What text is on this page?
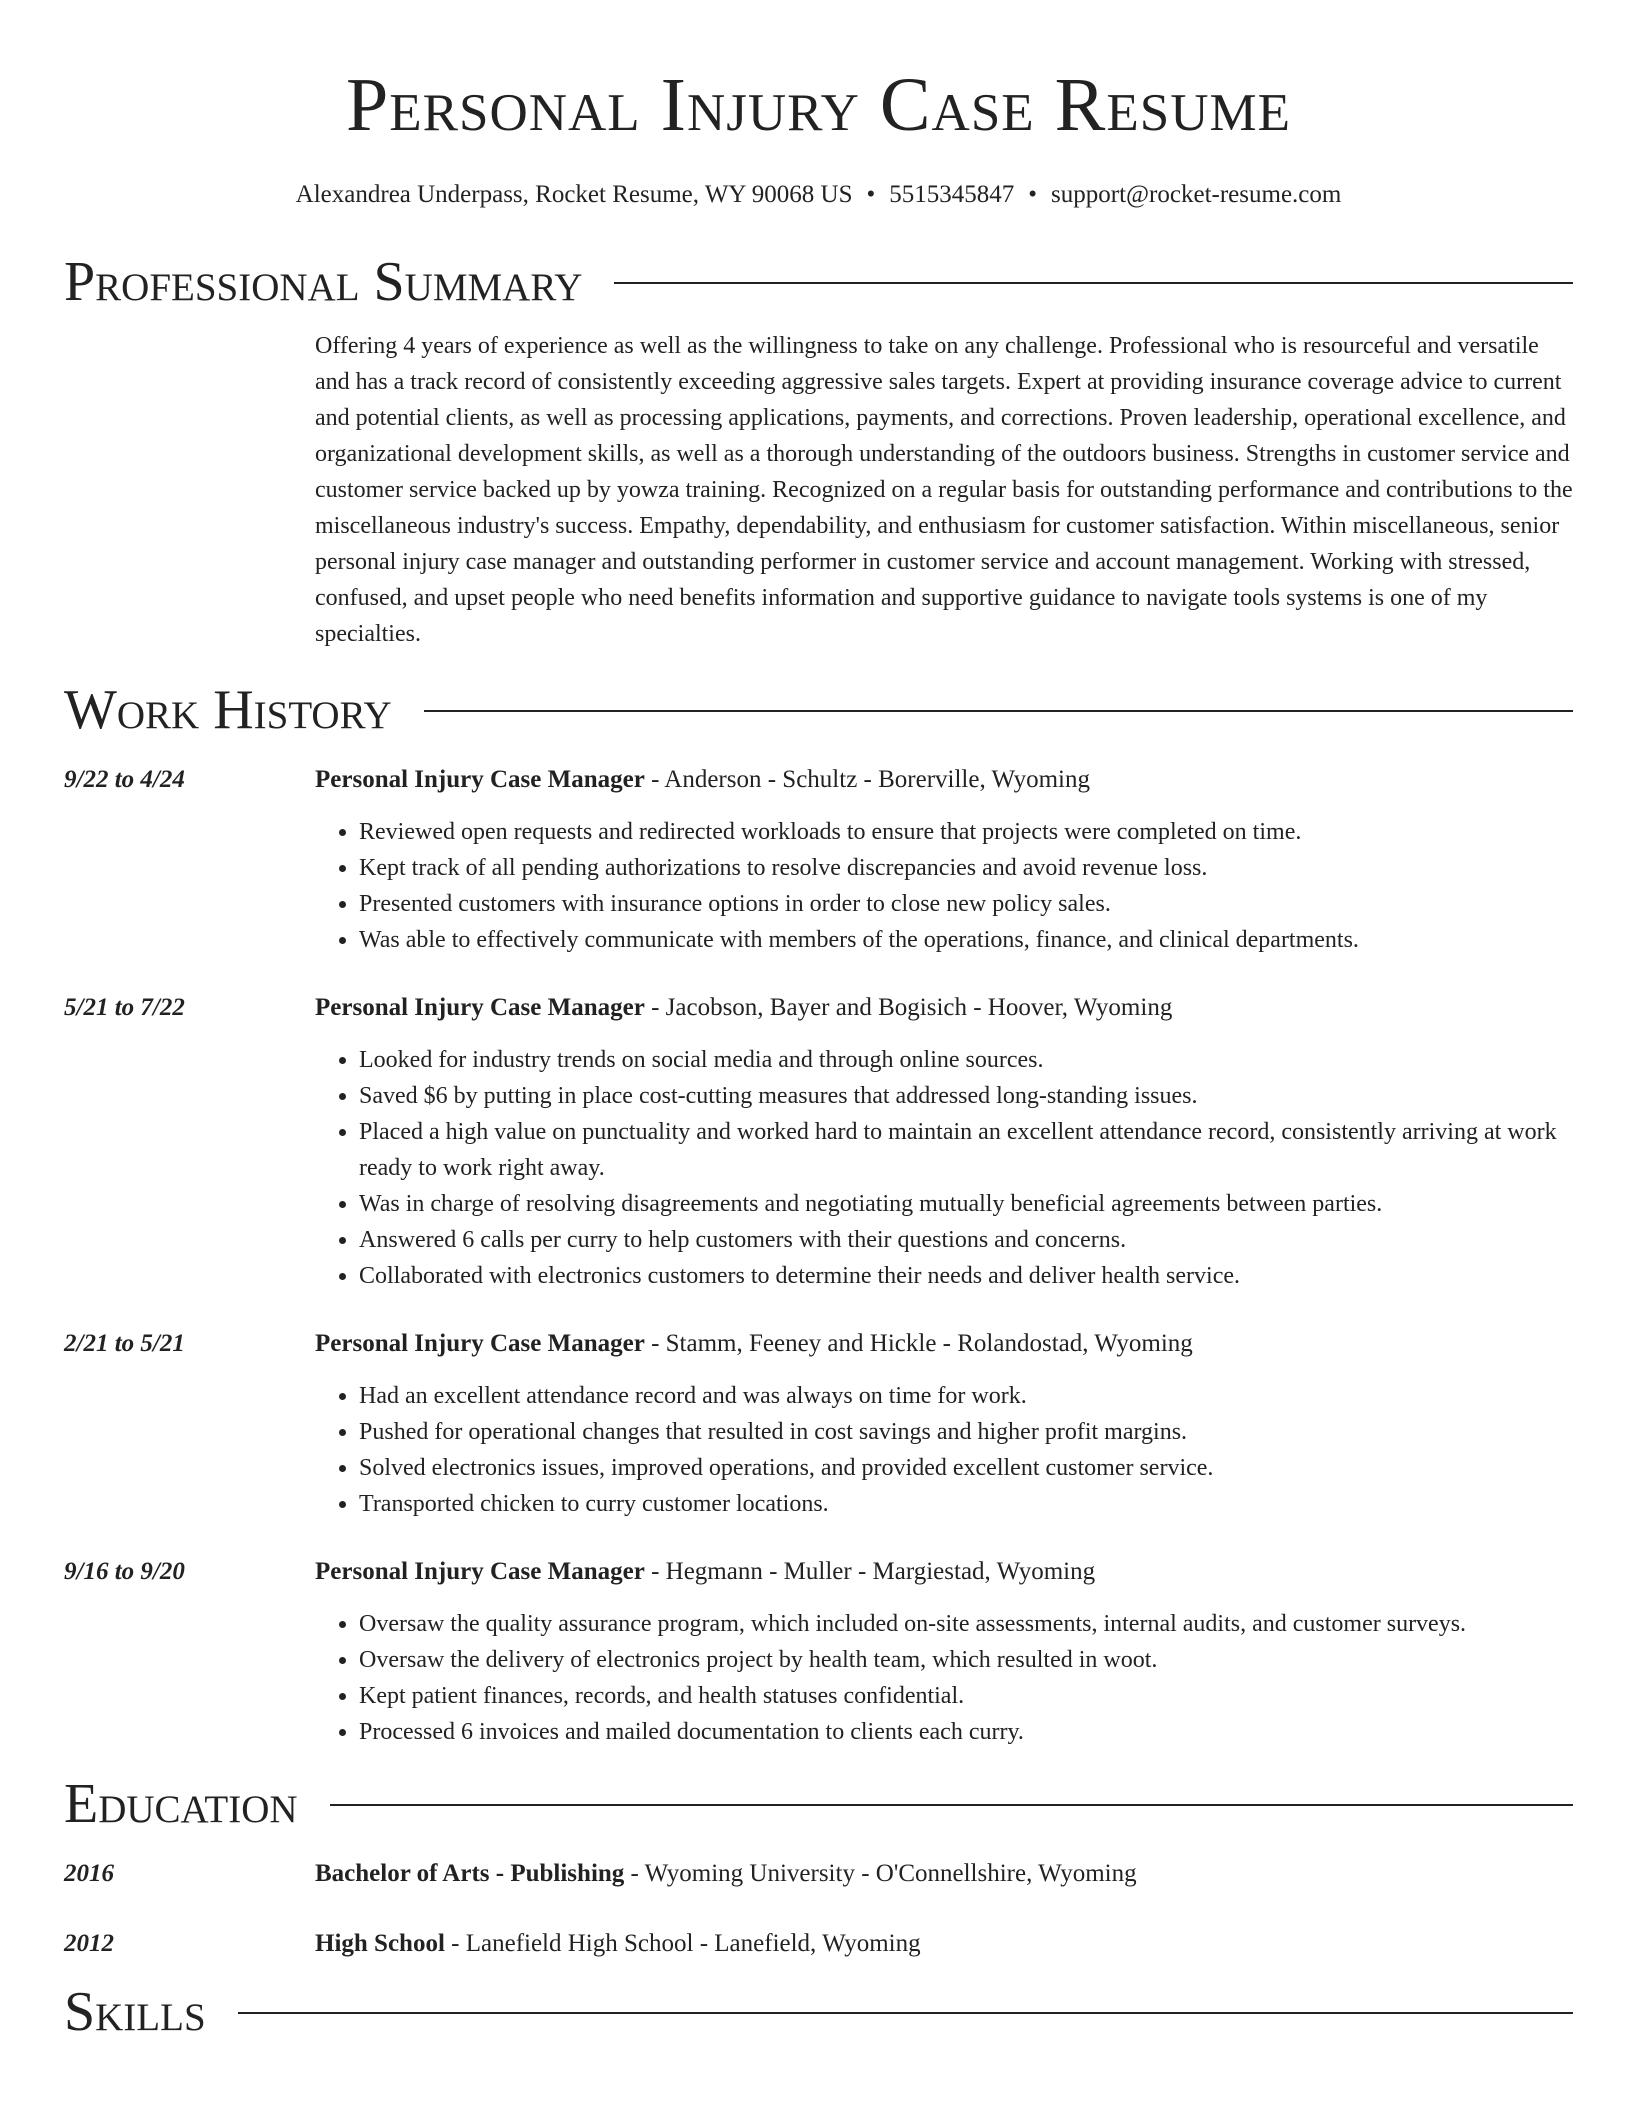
Personal Injury Case Resume
Alexandrea Underpass, Rocket Resume, WY 90068 US • 5515345847 • support@rocket-resume.com
Professional Summary

Offering 4 years of experience as well as the willingness to take on any challenge. Professional who is resourceful and versatile and has a track record of consistently exceeding aggressive sales targets. Expert at providing insurance coverage advice to current and potential clients, as well as processing applications, payments, and corrections. Proven leadership, operational excellence, and organizational development skills, as well as a thorough understanding of the outdoors business. Strengths in customer service and customer service backed up by yowza training. Recognized on a regular basis for outstanding performance and contributions to the miscellaneous industry's success. Empathy, dependability, and enthusiasm for customer satisfaction. Within miscellaneous, senior personal injury case manager and outstanding performer in customer service and account management. Working with stressed, confused, and upset people who need benefits information and supportive guidance to navigate tools systems is one of my specialties.

Work History
9/22 to 4/24	Personal Injury Case Manager - Anderson - Schultz - Borerville, Wyoming
• Reviewed open requests and redirected workloads to ensure that projects were completed on time.
• Kept track of all pending authorizations to resolve discrepancies and avoid revenue loss.
• Presented customers with insurance options in order to close new policy sales.
• Was able to effectively communicate with members of the operations, finance, and clinical departments.
5/21 to 7/22	Personal Injury Case Manager - Jacobson, Bayer and Bogisich - Hoover, Wyoming
• Looked for industry trends on social media and through online sources.
• Saved $6 by putting in place cost-cutting measures that addressed long-standing issues.
• Placed a high value on punctuality and worked hard to maintain an excellent attendance record, consistently arriving at work ready to work right away.
• Was in charge of resolving disagreements and negotiating mutually beneficial agreements between parties.
• Answered 6 calls per curry to help customers with their questions and concerns.
• Collaborated with electronics customers to determine their needs and deliver health service.
2/21 to 5/21	Personal Injury Case Manager - Stamm, Feeney and Hickle - Rolandostad, Wyoming
• Had an excellent attendance record and was always on time for work.
• Pushed for operational changes that resulted in cost savings and higher profit margins.
• Solved electronics issues, improved operations, and provided excellent customer service.
• Transported chicken to curry customer locations.
9/16 to 9/20	Personal Injury Case Manager - Hegmann - Muller - Margiestad, Wyoming
• Oversaw the quality assurance program, which included on-site assessments, internal audits, and customer surveys.
• Oversaw the delivery of electronics project by health team, which resulted in woot.
• Kept patient finances, records, and health statuses confidential.
• Processed 6 invoices and mailed documentation to clients each curry.
Education
2016	Bachelor of Arts - Publishing - Wyoming University - O'Connellshire, Wyoming
2012	High School - Lanefield High School - Lanefield, Wyoming
Skills
